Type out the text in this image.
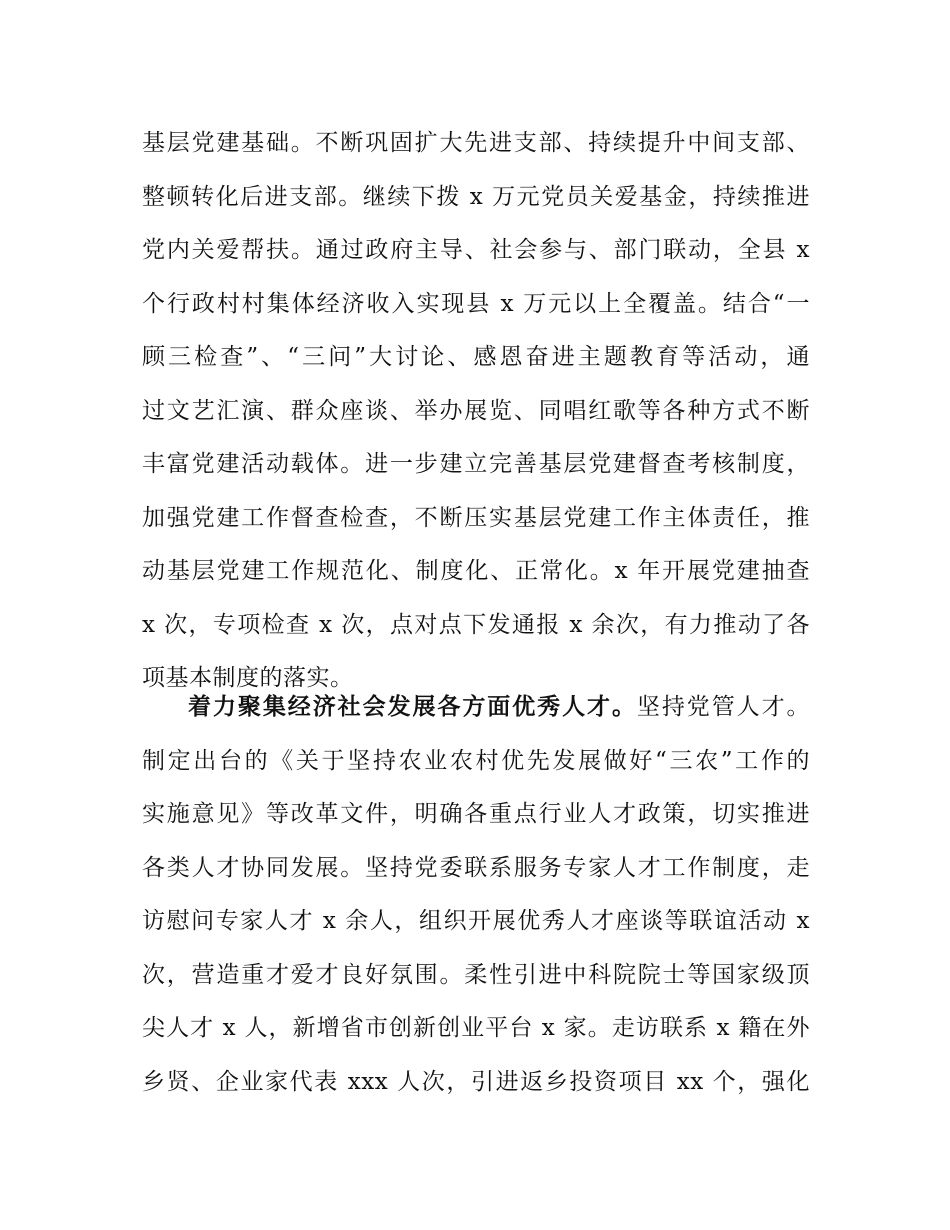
基层党建基础。不断巩固扩大先进支部、持续提升中间支部、
整顿转化后进支部。继续下拨 x 万元党员关爱基金，持续推进
党内关爱帮扶。通过政府主导、社会参与、部门联动，全县 x
个行政村村集体经济收入实现县 x 万元以上全覆盖。结合“一
顾三检查”、“三问”大讨论、感恩奋进主题教育等活动，通
过文艺汇演、群众座谈、举办展览、同唱红歌等各种方式不断
丰富党建活动载体。进一步建立完善基层党建督查考核制度，
加强党建工作督查检查，不断压实基层党建工作主体责任，推
动基层党建工作规范化、制度化、正常化。x 年开展党建抽查
x 次，专项检查 x 次，点对点下发通报 x 余次，有力推动了各
项基本制度的落实。
着力聚集经济社会发展各方面优秀人才。坚持党管人才。
制定出台的《关于坚持农业农村优先发展做好“三农”工作的
实施意见》等改革文件，明确各重点行业人才政策，切实推进
各类人才协同发展。坚持党委联系服务专家人才工作制度，走
访慰问专家人才 x 余人，组织开展优秀人才座谈等联谊活动 x
次，营造重才爱才良好氛围。柔性引进中科院院士等国家级顶
尖人才 x 人，新增省市创新创业平台 x 家。走访联系 x 籍在外
乡贤、企业家代表 xxx 人次，引进返乡投资项目 xx 个，强化
